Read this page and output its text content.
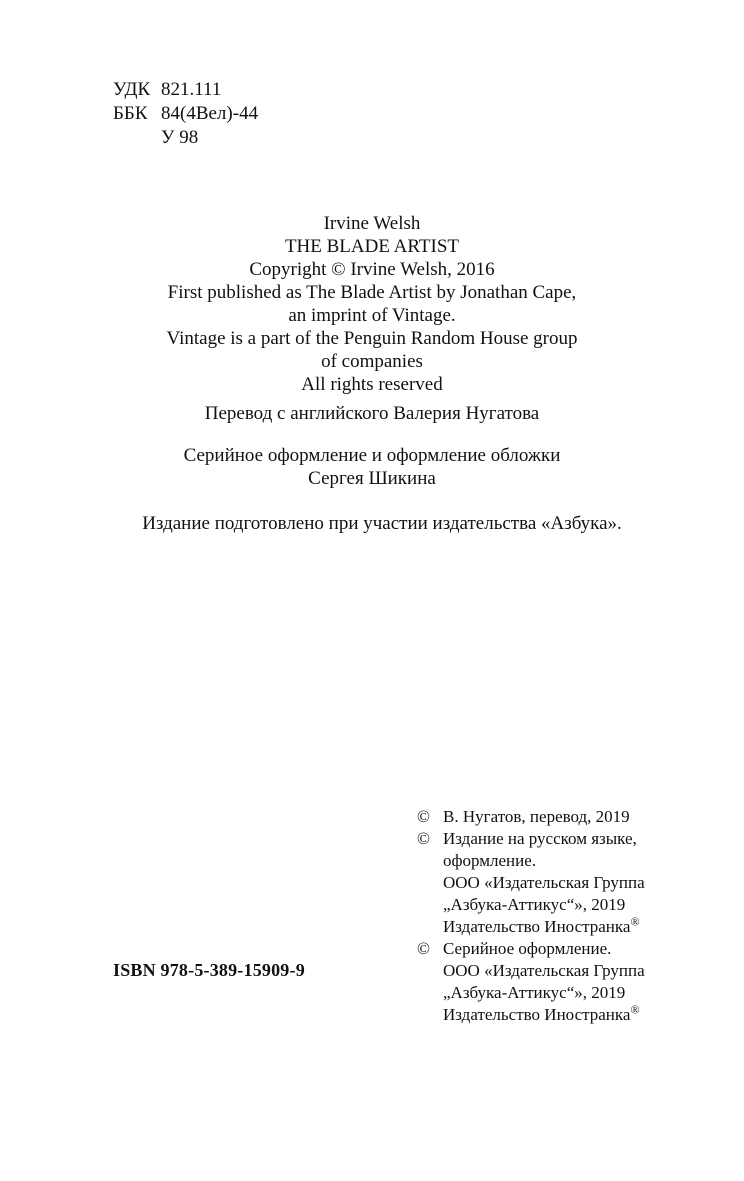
УДК 821.111
ББК 84(4Вел)-44
У 98
Irvine Welsh
THE BLADE ARTIST
Copyright © Irvine Welsh, 2016
First published as The Blade Artist by Jonathan Cape,
an imprint of Vintage.
Vintage is a part of the Penguin Random House group
of companies
All rights reserved
Перевод с английского Валерия Нугатова
Серийное оформление и оформление обложки
Сергея Шикина
Издание подготовлено при участии издательства «Азбука».
© В. Нугатов, перевод, 2019
© Издание на русском языке,
оформление.
ООО «Издательская Группа
„Азбука-Аттикус“», 2019
Издательство Иностранка®
© Серийное оформление.
ООО «Издательская Группа
„Азбука-Аттикус“», 2019
Издательство Иностранка®
ISBN 978-5-389-15909-9
